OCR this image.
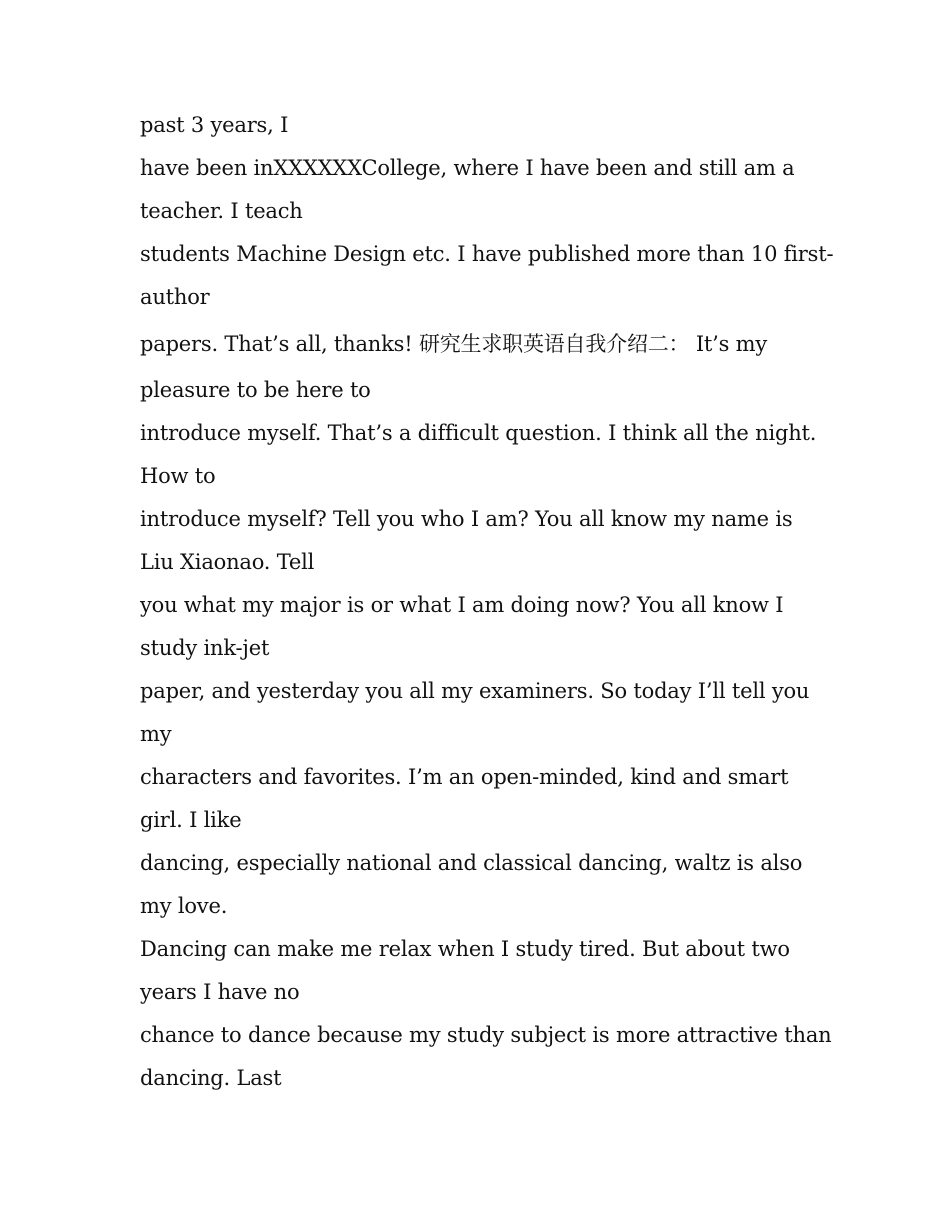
past 3 years, I
have been inXXXXXXCollege, where I have been and still am a
teacher. I teach
students Machine Design etc. I have published more than 10 first-
author
papers. That’s all, thanks! 研究生求职英语自我介绍二： It’s my
pleasure to be here to
introduce myself. That’s a difficult question. I think all the night.
How to
introduce myself? Tell you who I am? You all know my name is
Liu Xiaonao. Tell
you what my major is or what I am doing now? You all know I
study ink-jet
paper, and yesterday you all my examiners. So today I’ll tell you
my
characters and favorites. I’m an open-minded, kind and smart
girl. I like
dancing, especially national and classical dancing, waltz is also
my love.
Dancing can make me relax when I study tired. But about two
years I have no
chance to dance because my study subject is more attractive than
dancing. Last
